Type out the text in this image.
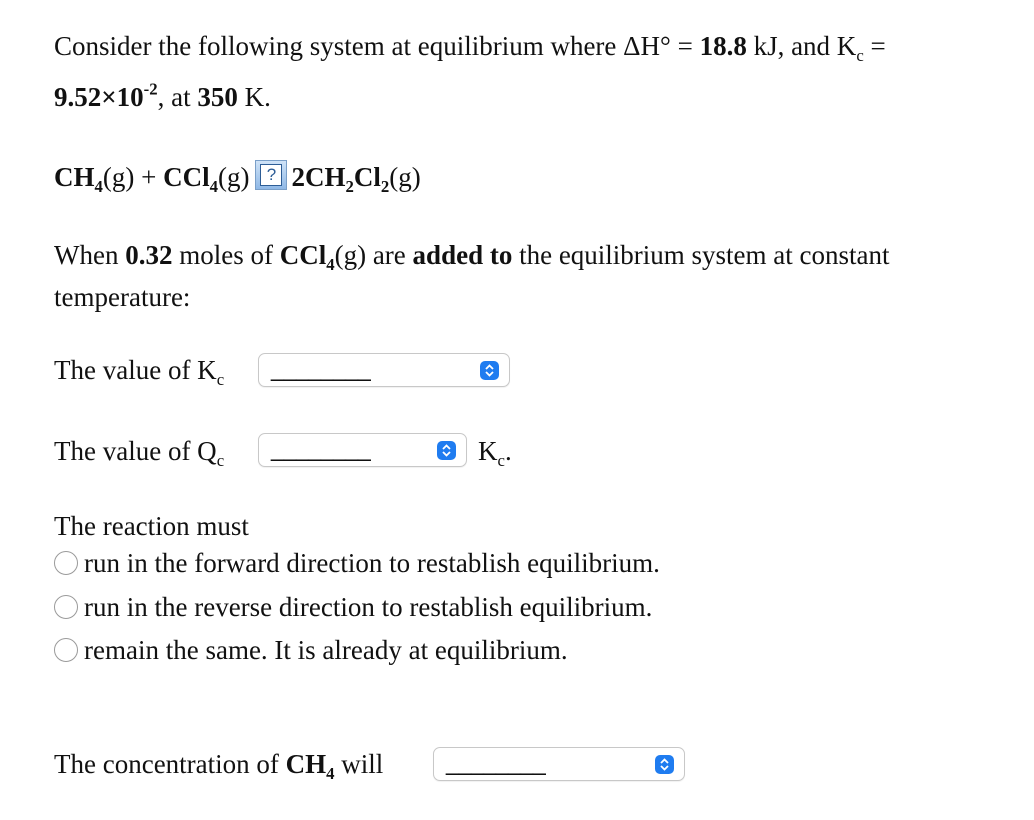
Consider the following system at equilibrium where ΔH° = 18.8 kJ, and $K_c$ =
$9.52\times 10^{-2}$, at 350 K.
$CH_4(g) + CCl_4(g)$	? $2CH_2Cl_2(g)$
When 0.32 moles of CCl$_4$(g) are added to the equilibrium system at constant
temperature:
The value of $K_c$ ________
The value of $Q_c$ ________	$K_c$.
The reaction must
run in the forward direction to restablish equilibrium.
run in the reverse direction to restablish equilibrium.
remain the same. It is already at equilibrium.
The concentration of $CH_4$ will	________
